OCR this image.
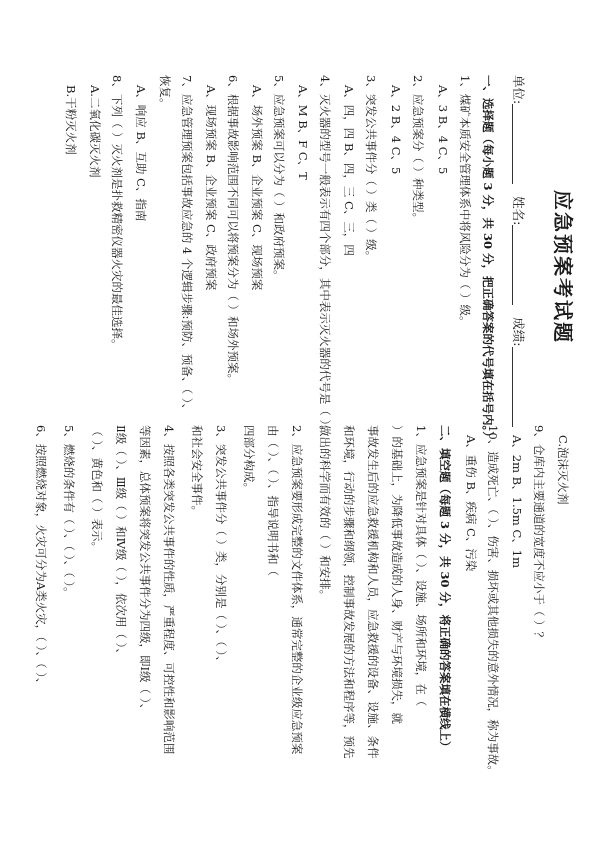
应急预案考试题
单位:   姓名:   成绩:
一、选择题（每小题 3 分，共 30 分，把正确答案的代号填在括号内。）
1、煤矿本质安全管理体系中将风险分为（ ）级。
A、3 B、4 C、5
2、应急预案分（ ）种类型。
A、2 B、4 C、5
3、突发公共事件分（ ）类（ ）级。
A、四，四 B、四，三 C、三，四
4、灭火器的型号一般表示有四个部分，其中表示灭火器的代号是（ ）。
A、M B、F C、T
5、应急预案可以分为（ ）和政府预案。
A、场外预案 B、企业预案 C、现场预案
6、根据事故影响范围不同可以将预案分为（ ）和场外预案。
A、现场预案 B、企业预案 C、政府预案
7、应急管理预案包括事故应急的 4 个逻辑步骤:预防、预备、（ ）、
恢复。
A、响应 B、互助 C、指南
8、下列（ ）灭火剂是扑救精密仪器火灾的最佳选择。
A.二氧化碳灭火剂
B.干粉灭火剂
C.泡沫灭火剂
9、仓库内主要通道的宽度不应小于（ ）？
A、2m B、1.5m C、1m
10、造成死亡、（ ）、伤害、损坏或其他损失的意外情况，称为事故。
A、重伤 B、疾病 C、污染
二、填空题（每题 3 分，共 30 分，将正确的答案填在横线上）
1、应急预案是针对具体（ ）、设施、场所和环境，在（
）的基础上，为降低事故造成的人身、财产与环境损失，就
事故发生后的应急救援机构和人员，应急救援的设备、设施、条件
和环境，行动的步骤和纲领，控制事故发展的方法和程序等，预先
做出的科学而有效的（ ）和安排。
2、应急预案要形成完整的文件体系，通常完整的企业级应急预案
由（ ）、（ ）、指导说明书和（
四部分构成。
3、突发公共事件分（ ）类，分别是（ ）、（ ）、
和社会安全事件。
4、按照各类突发公共事件的性质，严重程度、可控性和影响范围
等因素，总体预案将突发公共事件分为四级，即Ⅰ级（ ）、
Ⅱ级（ ）、Ⅲ级（ ）和Ⅳ级（ ），依次用（ ）、
（ ）、黄色和（ ）表示。
5、燃烧的条件有（ ）、（ ）、（ ）。
6、按照燃烧对象，火灾可分为A类火灾，（ ）、（ ）、
